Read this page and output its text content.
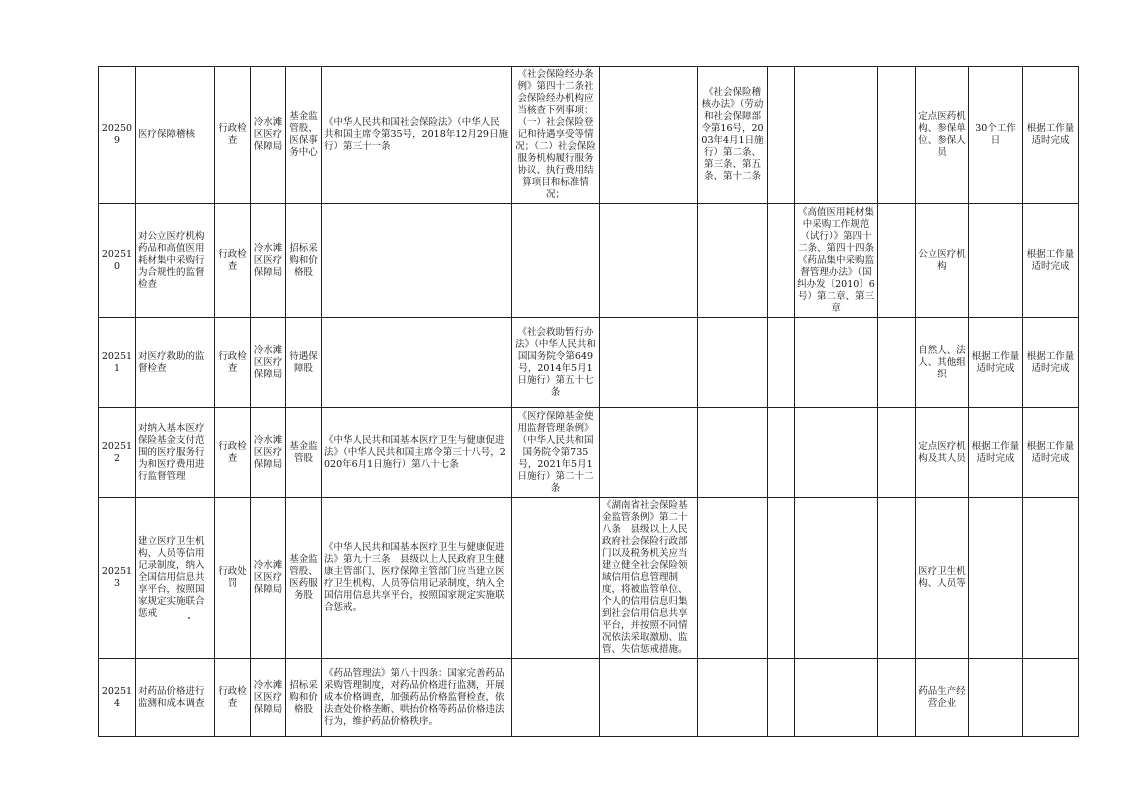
202509	医疗保障稽核	行政检查	冷水滩区医疗保障局	基金监管股、医保事务中心	《中华人民共和国社会保险法》（中华人民共和国主席令第35号，2018年12月29日施行）第三十一条	《社会保险经办条例》第四十二条社会保险经办机构应当核查下列事项：（一）社会保险登记和待遇享受等情况；（二）社会保险服务机构履行服务协议、执行费用结算项目和标准情况；		《社会保险稽核办法》（劳动和社会保障部令第16号，2003年4月1日施行）第二条、第三条、第五条、第十二条				定点医药机构、参保单位、参保人员	30个工作日	根据工作量适时完成
202510	对公立医疗机构药品和高值医用耗材集中采购行为合规性的监督检查	行政检查	冷水滩区医疗保障局	招标采购和价格股						《高值医用耗材集中采购工作规范（试行）》第四十二条、第四十四条《药品集中采购监督管理办法》（国纠办发〔2010〕6号）第二章、第三章		公立医疗机构		根据工作量适时完成
202511	对医疗救助的监督检查	行政检查	冷水滩区医疗保障局	待遇保障股		《社会救助暂行办法》（中华人民共和国国务院令第649号，2014年5月1日施行）第五十七条						自然人、法人、其他组织	根据工作量适时完成	根据工作量适时完成
202512	对纳入基本医疗保险基金支付范围的医疗服务行为和医疗费用进行监督管理	行政检查	冷水滩区医疗保障局	基金监管股	《中华人民共和国基本医疗卫生与健康促进法》（中华人民共和国主席令第三十八号，2020年6月1日施行）第八十七条	《医疗保障基金使用监督管理条例》（中华人民共和国国务院令第735号，2021年5月1日施行）第二十二条						定点医疗机构及其人员	根据工作量适时完成	根据工作量适时完成
202513	建立医疗卫生机构、人员等信用记录制度，纳入全国信用信息共享平台，按照国家规定实施联合惩戒	行政处罚	冷水滩区医疗保障局	基金监管股、医药服务股	《中华人民共和国基本医疗卫生与健康促进法》第九十三条　县级以上人民政府卫生健康主管部门、医疗保障主管部门应当建立医疗卫生机构、人员等信用记录制度，纳入全国信用信息共享平台，按照国家规定实施联合惩戒。		《湖南省社会保险基金监管条例》第二十八条　县级以上人民政府社会保险行政部门以及税务机关应当建立健全社会保险领域信用信息管理制度，将被监管单位、个人的信用信息归集到社会信用信息共享平台，并按照不同情况依法采取激励、监管、失信惩戒措施。					医疗卫生机构、人员等		
202514	对药品价格进行监测和成本调查	行政检查	冷水滩区医疗保障局	招标采购和价格股	《药品管理法》第八十四条：国家完善药品采购管理制度，对药品价格进行监测，开展成本价格调查，加强药品价格监督检查，依法查处价格垄断、哄抬价格等药品价格违法行为，维护药品价格秩序。							药品生产经营企业		
